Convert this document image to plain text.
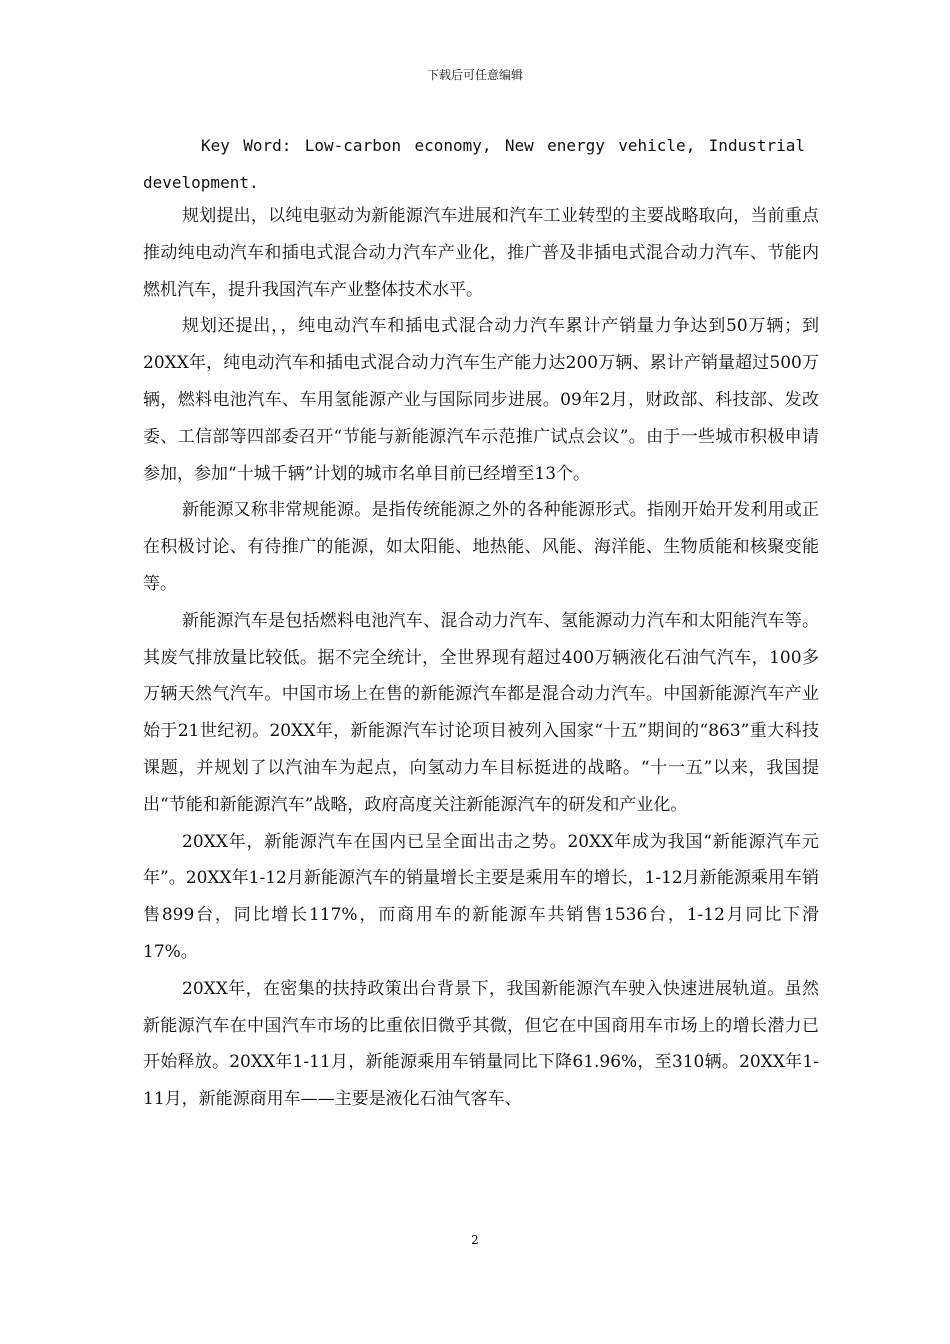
下载后可任意编辑
Key Word: Low-carbon economy, New energy vehicle, Industrial
development.

规划提出，以纯电驱动为新能源汽车进展和汽车工业转型的主要战略取向，当前重点推动纯电动汽车和插电式混合动力汽车产业化，推广普及非插电式混合动力汽车、节能内燃机汽车，提升我国汽车产业整体技术水平。

规划还提出，，纯电动汽车和插电式混合动力汽车累计产销量力争达到50万辆；到20XX年，纯电动汽车和插电式混合动力汽车生产能力达200万辆、累计产销量超过500万辆，燃料电池汽车、车用氢能源产业与国际同步进展。09年2月，财政部、科技部、发改委、工信部等四部委召开“节能与新能源汽车示范推广试点会议”。由于一些城市积极申请参加，参加“十城千辆”计划的城市名单目前已经增至13个。

新能源又称非常规能源。是指传统能源之外的各种能源形式。指刚开始开发利用或正在积极讨论、有待推广的能源，如太阳能、地热能、风能、海洋能、生物质能和核聚变能等。

新能源汽车是包括燃料电池汽车、混合动力汽车、氢能源动力汽车和太阳能汽车等。其废气排放量比较低。据不完全统计，全世界现有超过400万辆液化石油气汽车，100多万辆天然气汽车。中国市场上在售的新能源汽车都是混合动力汽车。中国新能源汽车产业始于21世纪初。20XX年，新能源汽车讨论项目被列入国家“十五”期间的“863”重大科技课题，并规划了以汽油车为起点，向氢动力车目标挺进的战略。“十一五”以来，我国提出“节能和新能源汽车”战略，政府高度关注新能源汽车的研发和产业化。

20XX年，新能源汽车在国内已呈全面出击之势。20XX年成为我国“新能源汽车元年”。20XX年1-12月新能源汽车的销量增长主要是乘用车的增长，1-12月新能源乘用车销售899台，同比增长117%，而商用车的新能源车共销售1536台，1-12月同比下滑17%。

20XX年，在密集的扶持政策出台背景下，我国新能源汽车驶入快速进展轨道。虽然新能源汽车在中国汽车市场的比重依旧微乎其微，但它在中国商用车市场上的增长潜力已开始释放。20XX年1-11月，新能源乘用车销量同比下降61.96%，至310辆。20XX年1-11月，新能源商用车——主要是液化石油气客车、

2
